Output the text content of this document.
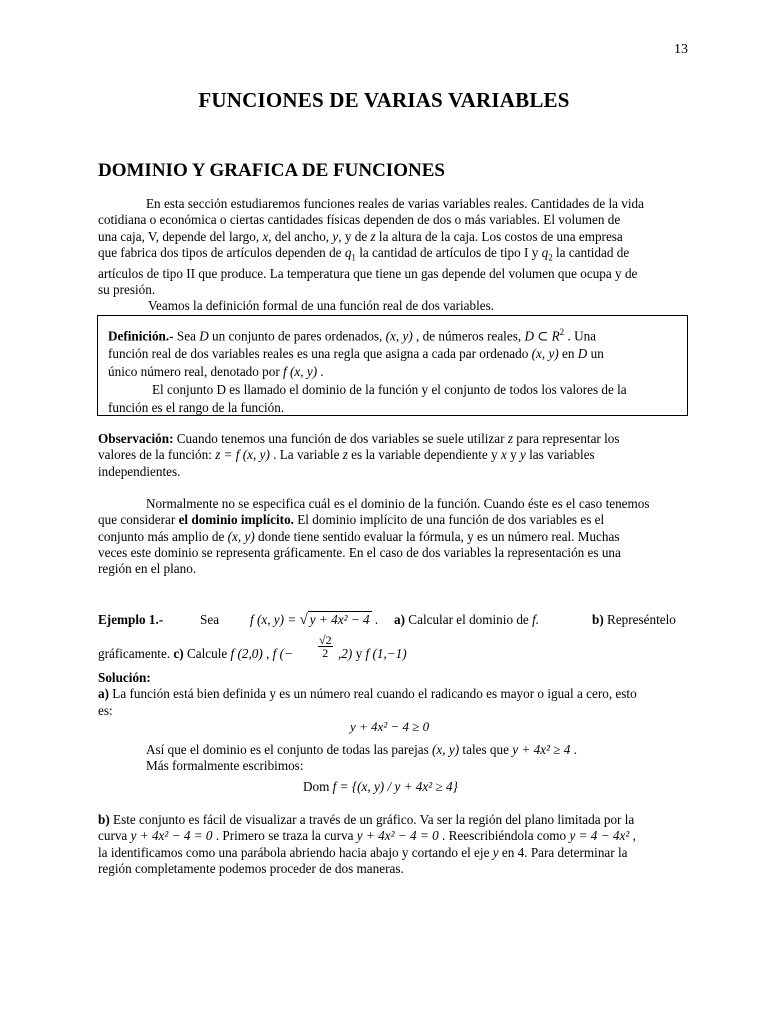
13
FUNCIONES DE VARIAS VARIABLES
DOMINIO Y GRAFICA DE FUNCIONES
En esta sección estudiaremos funciones reales de varias variables reales. Cantidades de la vida
cotidiana o económica o ciertas cantidades físicas dependen de dos o más variables. El volumen de
una caja, V, depende del largo, x, del ancho, y, y de z la altura de la caja. Los costos de una empresa
que fabrica dos tipos de artículos dependen de $q_1$ la cantidad de artículos de tipo I y $q_2$ la cantidad de
artículos de tipo II que produce. La temperatura que tiene un gas depende del volumen que ocupa y de
su presión.
Veamos la definición formal de una función real de dos variables.
Definición.- Sea D un conjunto de pares ordenados, (x, y) , de números reales, D ⊂ $R^2$ . Una
función real de dos variables reales es una regla que asigna a cada par ordenado (x, y) en D un
único número real, denotado por f (x, y) .
El conjunto D es llamado el dominio de la función y el conjunto de todos los valores de la
función es el rango de la función.
Observación: Cuando tenemos una función de dos variables se suele utilizar z para representar los
valores de la función: z = f (x, y) . La variable z es la variable dependiente y x y y las variables
independientes.
Normalmente no se especifica cuál es el dominio de la función. Cuando éste es el caso tenemos
que considerar el dominio implícito. El dominio implícito de una función de dos variables es el
conjunto más amplio de (x, y) donde tiene sentido evaluar la fórmula, y es un número real. Muchas
veces este dominio se representa gráficamente. En el caso de dos variables la representación es una
región en el plano.
Ejemplo 1.-	Sea f (x, y) = √ y + 4x² − 4 . a) Calcular el dominio de f.	b) Represéntelo
gráficamente. c) Calcule f (2,0) , f (− $\frac{√2}{2} ,2$) y f (1,−1)
Solución:
a) La función está bien definida y es un número real cuando el radicando es mayor o igual a cero, esto
es:
y + 4x² − 4 ≥ 0
Así que el dominio es el conjunto de todas las parejas (x, y) tales que y + 4x² ≥ 4 .
Más formalmente escribimos:
Dom f = {(x, y) / y + 4x² ≥ 4}
b) Este conjunto es fácil de visualizar a través de un gráfico. Va ser la región del plano limitada por la
curva y + 4x² − 4 = 0 . Primero se traza la curva y + 4x² − 4 = 0 . Reescribiéndola como y = 4 − 4x² ,
la identificamos como una parábola abriendo hacia abajo y cortando el eje y en 4. Para determinar la
región completamente podemos proceder de dos maneras.
